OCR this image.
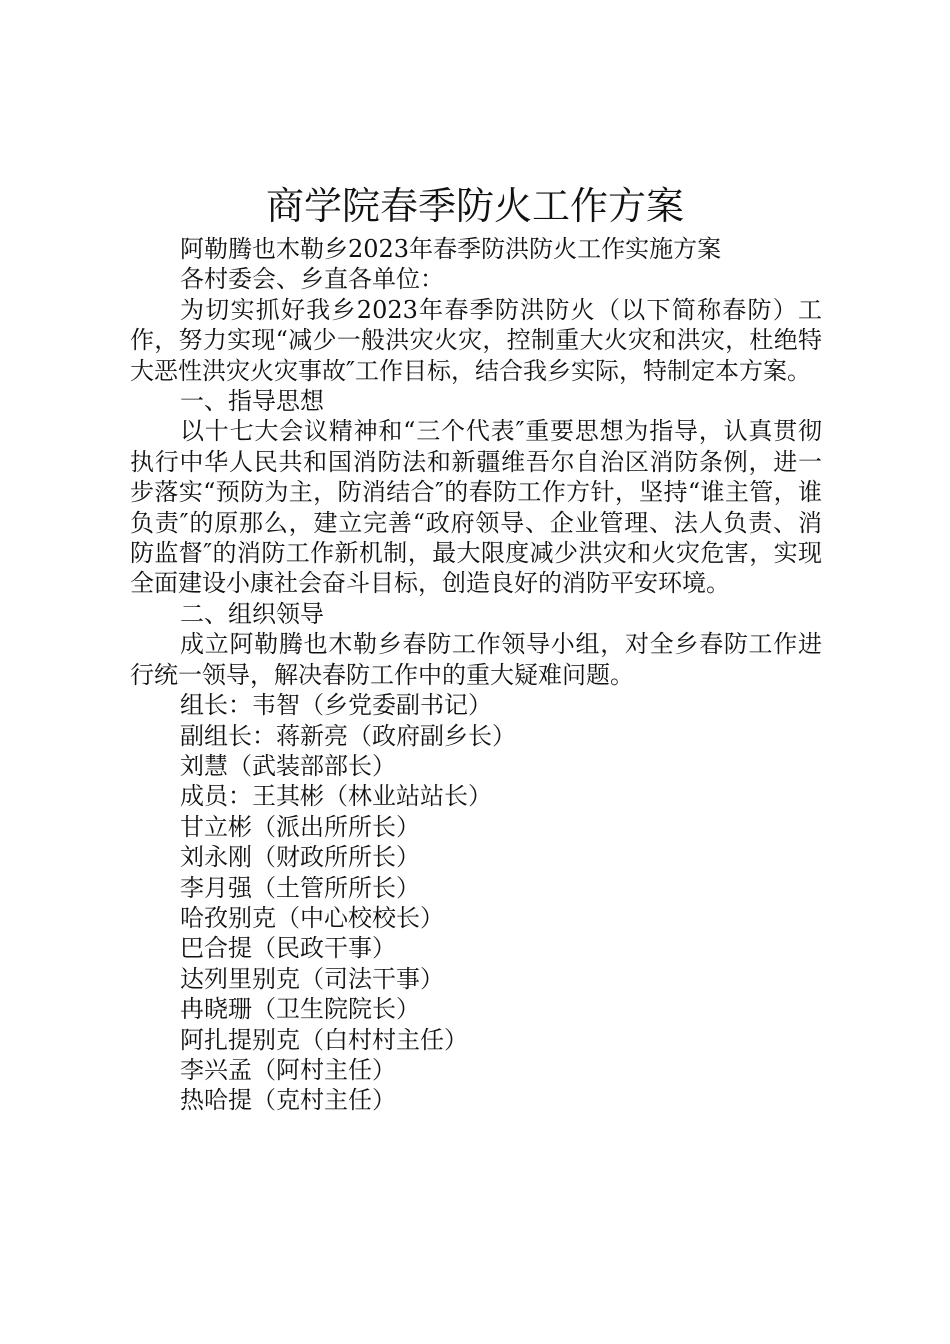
商学院春季防火工作方案

阿勒腾也木勒乡2023年春季防洪防火工作实施方案

各村委会、乡直各单位：

为切实抓好我乡2023年春季防洪防火（以下简称春防）工作，努力实现“减少一般洪灾火灾，控制重大火灾和洪灾，杜绝特大恶性洪灾火灾事故″工作目标，结合我乡实际，特制定本方案。

一、指导思想

以十七大会议精神和“三个代表″重要思想为指导，认真贯彻执行中华人民共和国消防法和新疆维吾尔自治区消防条例，进一步落实“预防为主，防消结合″的春防工作方针，坚持“谁主管，谁负责″的原那么，建立完善“政府领导、企业管理、法人负责、消防监督″的消防工作新机制，最大限度减少洪灾和火灾危害，实现全面建设小康社会奋斗目标，创造良好的消防平安环境。

二、组织领导

成立阿勒腾也木勒乡春防工作领导小组，对全乡春防工作进行统一领导，解决春防工作中的重大疑难问题。

组长：韦智（乡党委副书记）

副组长：蒋新亮（政府副乡长）

刘慧（武装部部长）

成员：王其彬（林业站站长）

甘立彬（派出所所长）

刘永刚（财政所所长）

李月强（土管所所长）

哈孜别克（中心校校长）

巴合提（民政干事）

达列里别克（司法干事）

冉晓珊（卫生院院长）

阿扎提别克（白村村主任）

李兴孟（阿村主任）

热哈提（克村主任）
